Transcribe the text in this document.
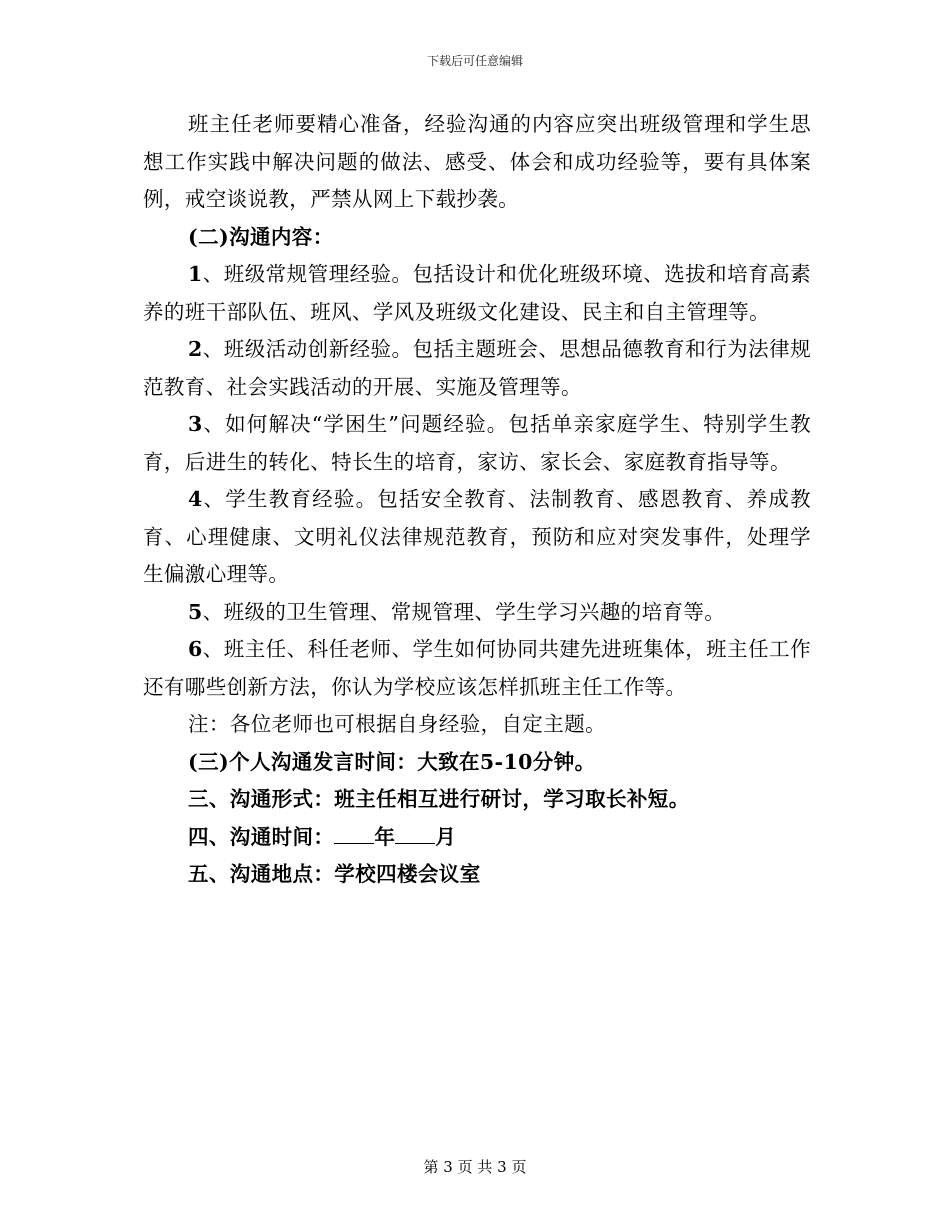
下载后可任意编辑

班主任老师要精心准备，经验沟通的内容应突出班级管理和学生思想工作实践中解决问题的做法、感受、体会和成功经验等，要有具体案例，戒空谈说教，严禁从网上下载抄袭。

(二)沟通内容：

1、班级常规管理经验。包括设计和优化班级环境、选拔和培育高素养的班干部队伍、班风、学风及班级文化建设、民主和自主管理等。

2、班级活动创新经验。包括主题班会、思想品德教育和行为法律规范教育、社会实践活动的开展、实施及管理等。

3、如何解决“学困生”问题经验。包括单亲家庭学生、特别学生教育，后进生的转化、特长生的培育，家访、家长会、家庭教育指导等。

4、学生教育经验。包括安全教育、法制教育、感恩教育、养成教育、心理健康、文明礼仪法律规范教育，预防和应对突发事件，处理学生偏激心理等。

5、班级的卫生管理、常规管理、学生学习兴趣的培育等。

6、班主任、科任老师、学生如何协同共建先进班集体，班主任工作还有哪些创新方法，你认为学校应该怎样抓班主任工作等。

注：各位老师也可根据自身经验，自定主题。

(三)个人沟通发言时间：大致在5-10分钟。

三、沟通形式：班主任相互进行研讨，学习取长补短。

四、沟通时间： 年 月

五、沟通地点：学校四楼会议室

第 3 页 共 3 页
